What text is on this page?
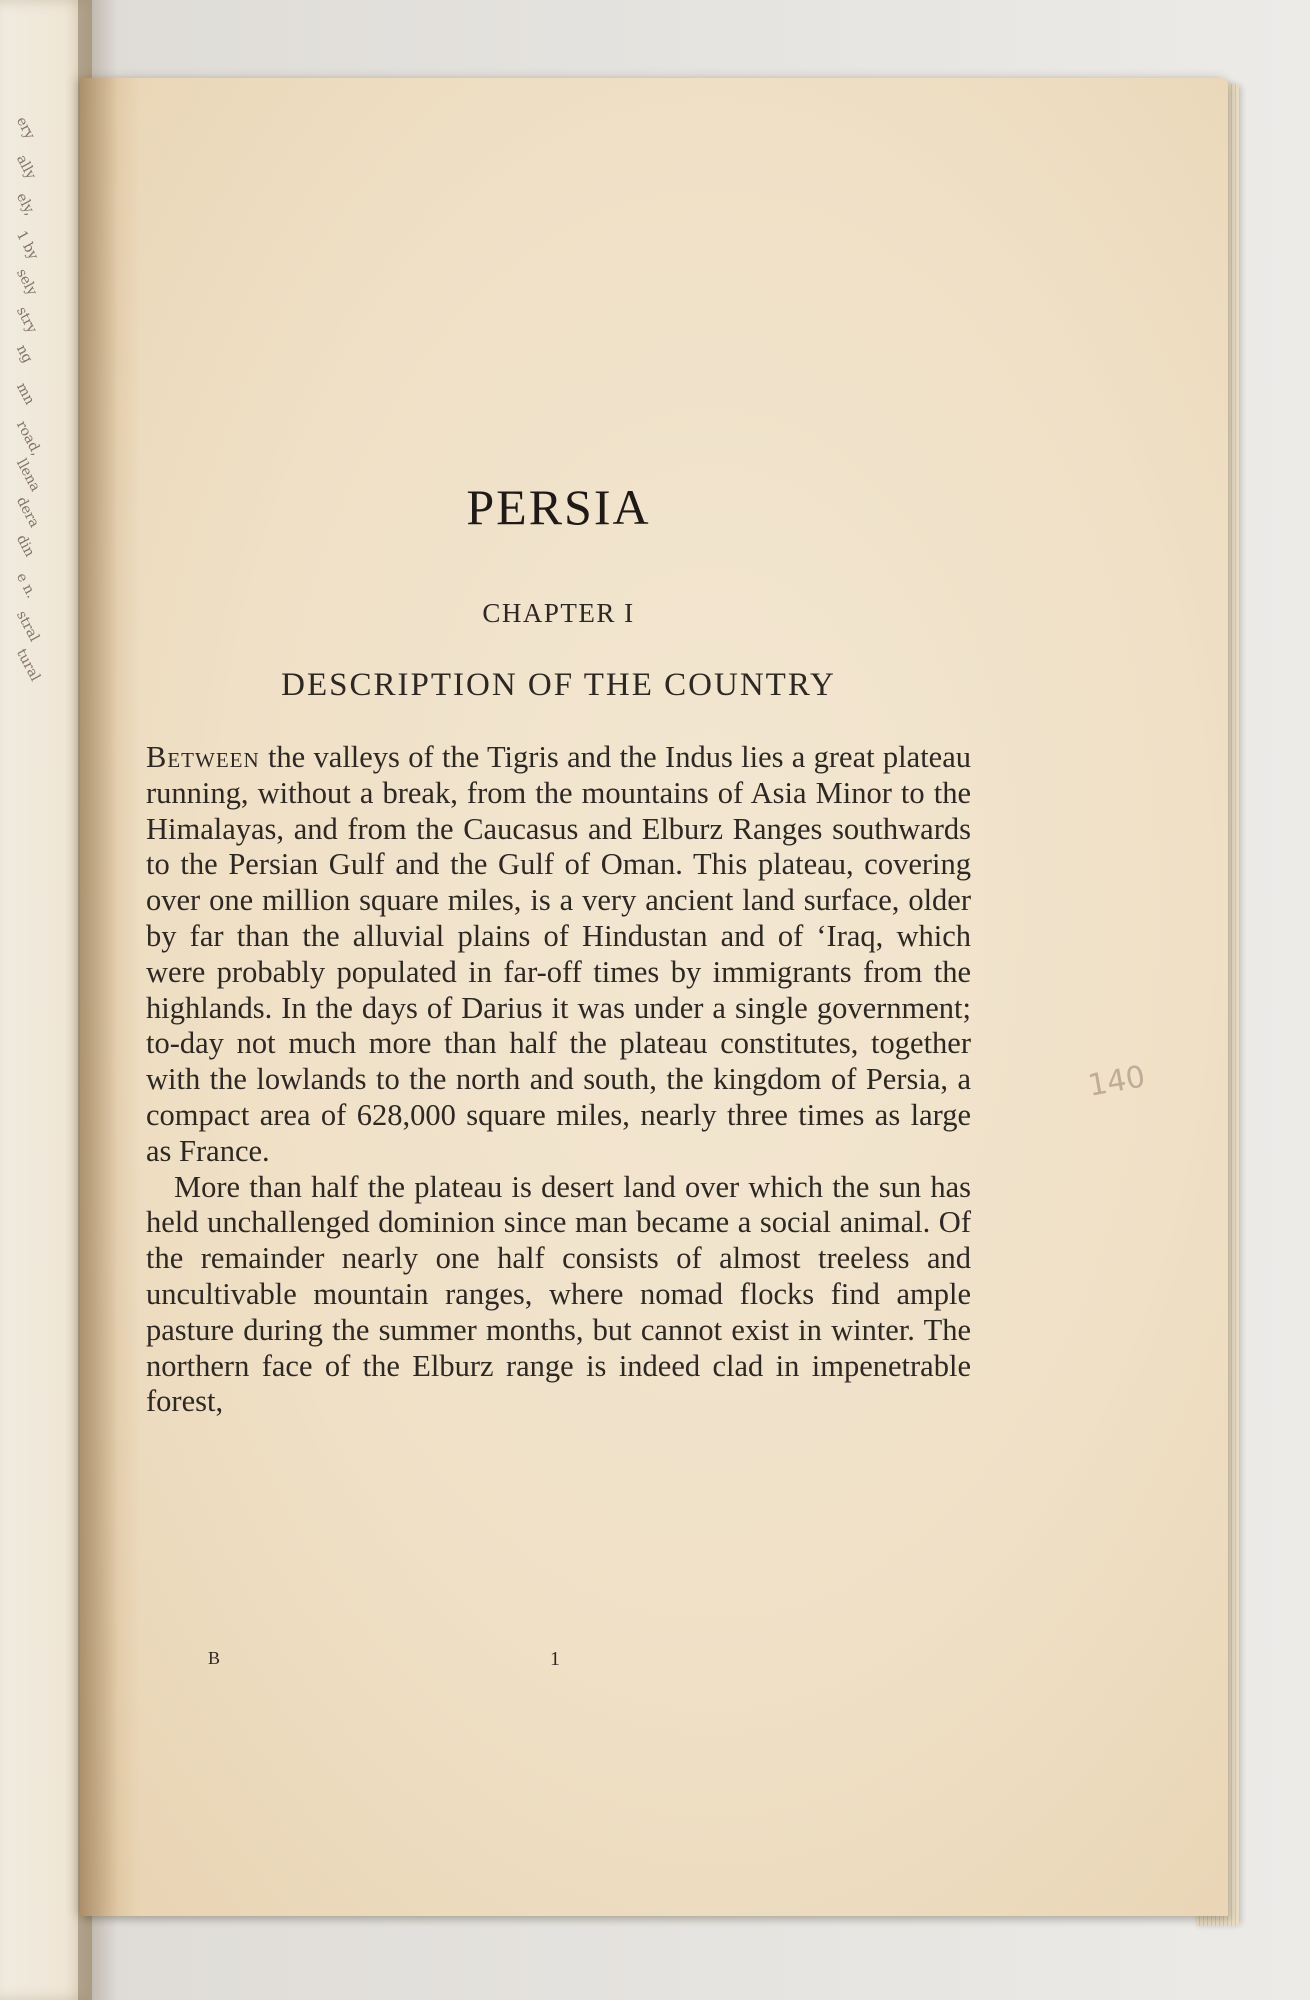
ery
ally
ely,
1 by
sely
stry
ng
mn
road,
llena
dera
din
e n.
stral
tural
PERSIA
CHAPTER I
DESCRIPTION OF THE COUNTRY

Between the valleys of the Tigris and the Indus lies a great plateau running, without a break, from the mountains of Asia Minor to the Himalayas, and from the Caucasus and Elburz Ranges southwards to the Persian Gulf and the Gulf of Oman. This plateau, covering over one million square miles, is a very ancient land surface, older by far than the alluvial plains of Hindustan and of ‘Iraq, which were probably populated in far-off times by immigrants from the highlands. In the days of Darius it was under a single government; to-day not much more than half the plateau constitutes, together with the lowlands to the north and south, the kingdom of Persia, a compact area of 628,000 square miles, nearly three times as large as France.

More than half the plateau is desert land over which the sun has held unchallenged dominion since man became a social animal. Of the remainder nearly one half consists of almost treeless and uncultivable mountain ranges, where nomad flocks find ample pasture during the summer months, but cannot exist in winter. The northern face of the Elburz range is indeed clad in impenetrable forest,

B	1
140
